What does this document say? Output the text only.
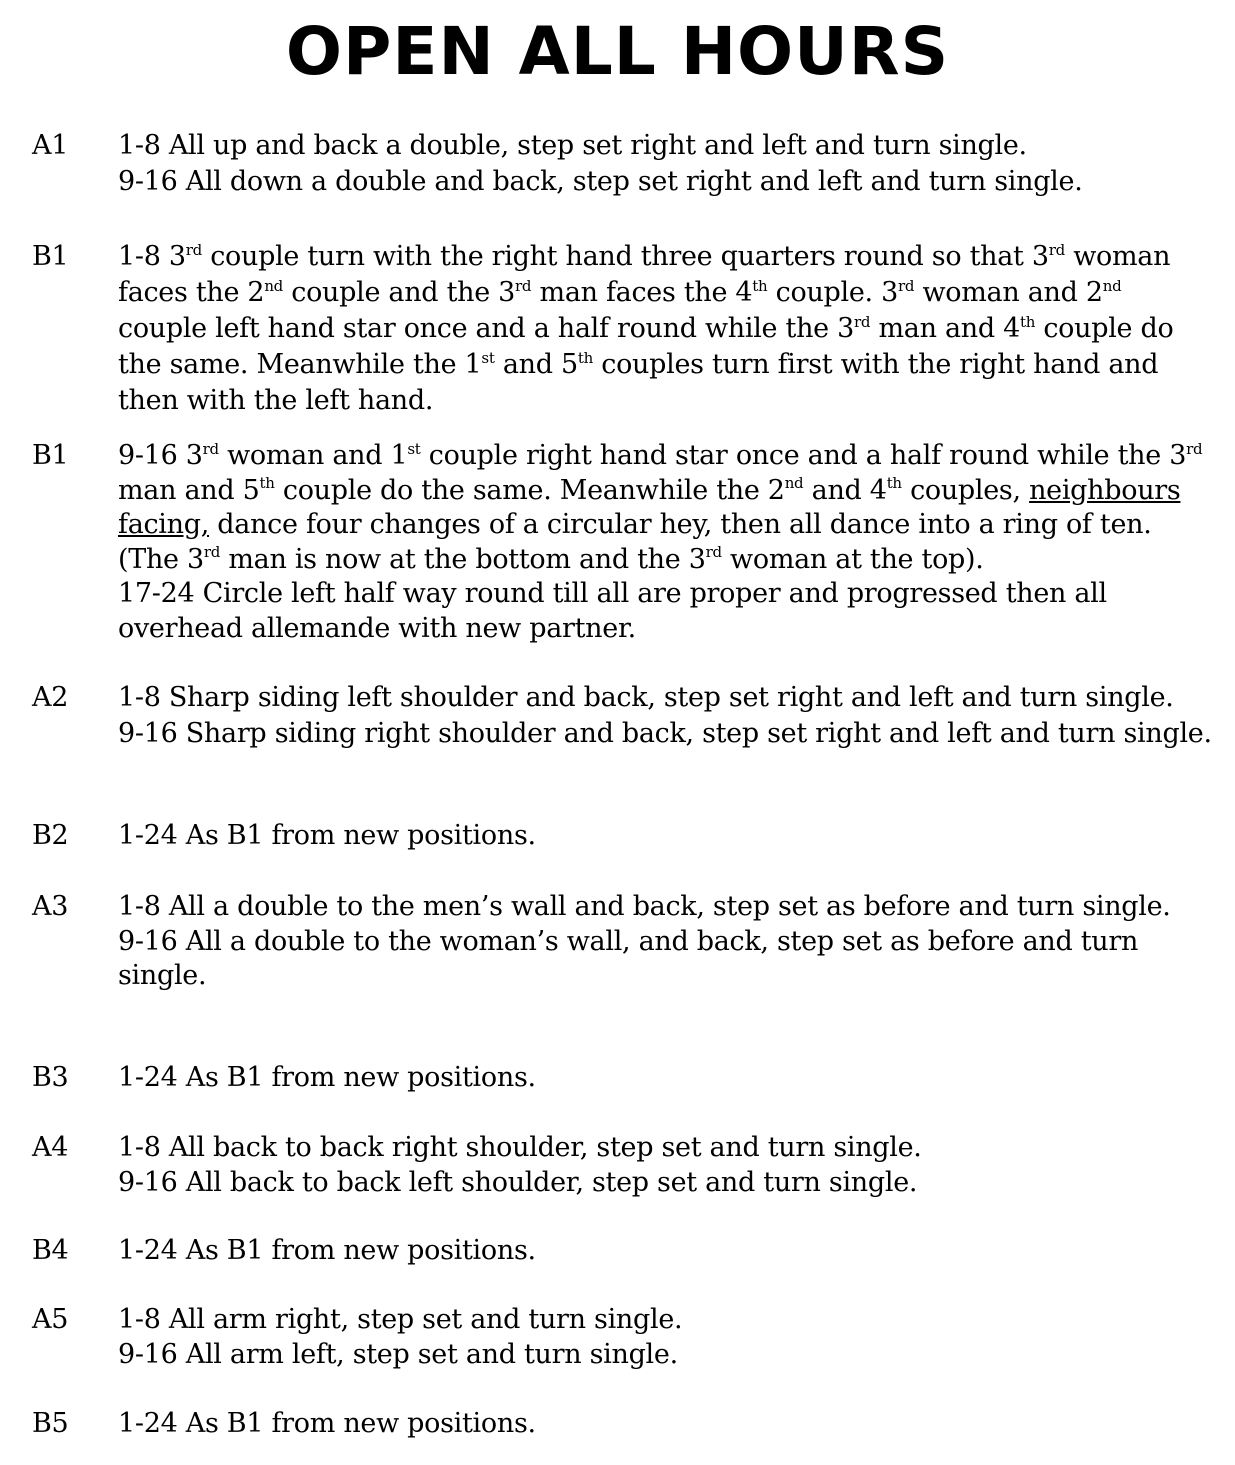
OPEN ALL HOURS
A1	1-8 All up and back a double, step set right and left and turn single.
9-16 All down a double and back, step set right and left and turn single.
B1	1-8 3rd couple turn with the right hand three quarters round so that 3rd woman faces the 2nd couple and the 3rd man faces the 4th couple. 3rd woman and 2nd couple left hand star once and a half round while the 3rd man and 4th couple do the same. Meanwhile the 1st and 5th couples turn first with the right hand and then with the left hand.
B1	9-16 3rd woman and 1st couple right hand star once and a half round while the 3rd man and 5th couple do the same. Meanwhile the 2nd and 4th couples, neighbours facing, dance four changes of a circular hey, then all dance into a ring of ten. (The 3rd man is now at the bottom and the 3rd woman at the top).
17-24 Circle left half way round till all are proper and progressed then all overhead allemande with new partner.
A2	1-8 Sharp siding left shoulder and back, step set right and left and turn single.
9-16 Sharp siding right shoulder and back, step set right and left and turn single.
B2	1-24 As B1 from new positions.
A3	1-8 All a double to the men’s wall and back, step set as before and turn single.
9-16 All a double to the woman’s wall, and back, step set as before and turn single.
B3	1-24 As B1 from new positions.
A4	1-8 All back to back right shoulder, step set and turn single.
9-16 All back to back left shoulder, step set and turn single.
B4	1-24 As B1 from new positions.
A5	1-8 All arm right, step set and turn single.
9-16 All arm left, step set and turn single.
B5	1-24 As B1 from new positions.
